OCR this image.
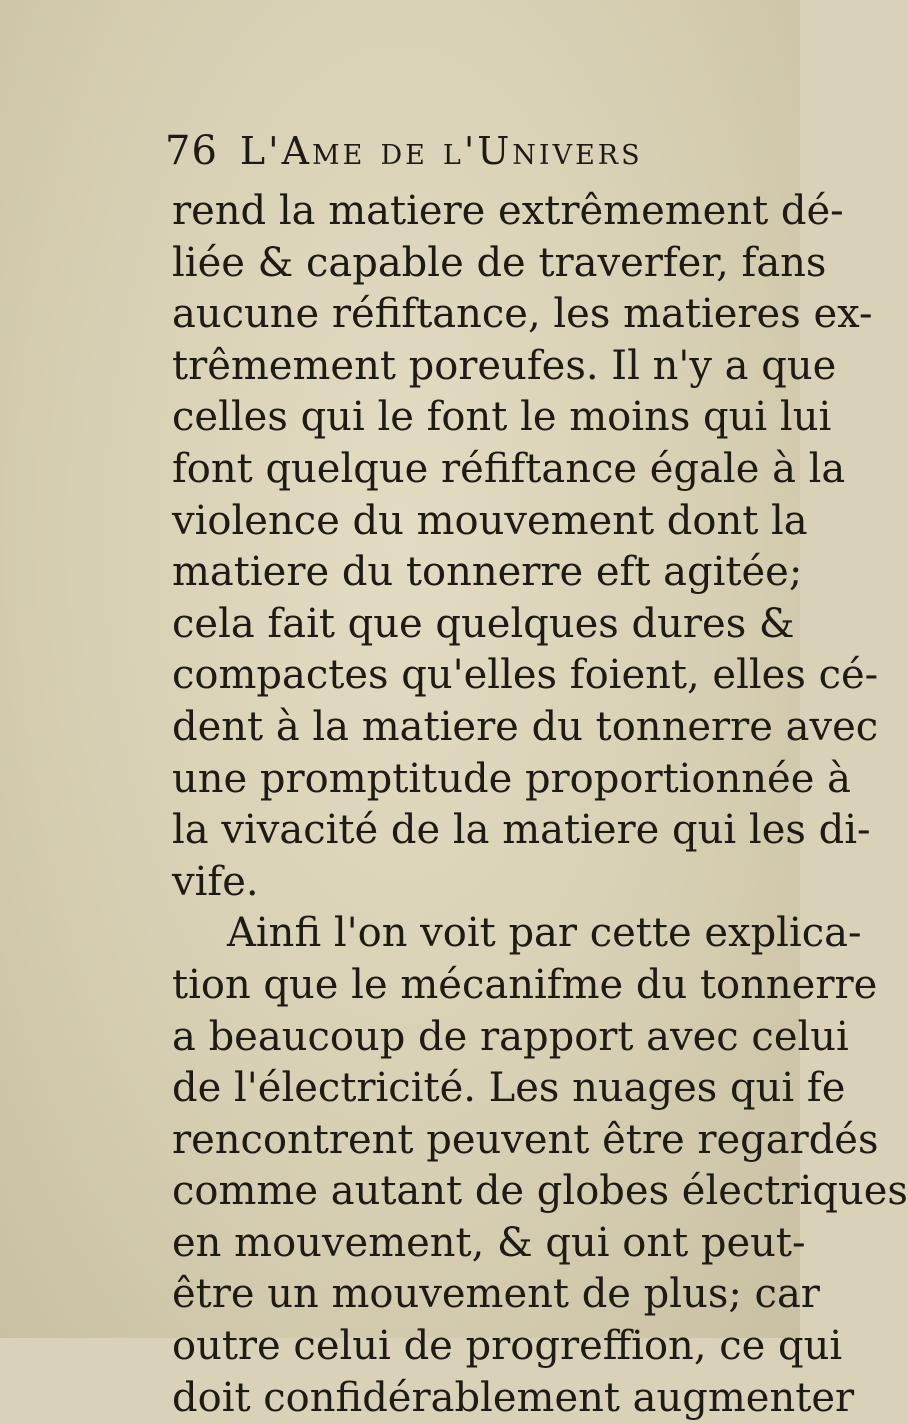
76 L'Ame de l'Univers
rend la matiere extrêmement dé-
liée & capable de traverfer, fans
aucune réfiftance, les matieres ex-
trêmement poreufes. Il n'y a que
celles qui le font le moins qui lui
font quelque réfiftance égale à la
violence du mouvement dont la
matiere du tonnerre eft agitée;
cela fait que quelques dures &
compactes qu'elles foient, elles cé-
dent à la matiere du tonnerre avec
une promptitude proportionnée à
la vivacité de la matiere qui les di-
vife.
Ainfi l'on voit par cette explica-
tion que le mécanifme du tonnerre
a beaucoup de rapport avec celui
de l'électricité. Les nuages qui fe
rencontrent peuvent être regardés
comme autant de globes électriques
en mouvement, & qui ont peut-
être un mouvement de plus; car
outre celui de progreffion, ce qui
doit confidérablement augmenter
